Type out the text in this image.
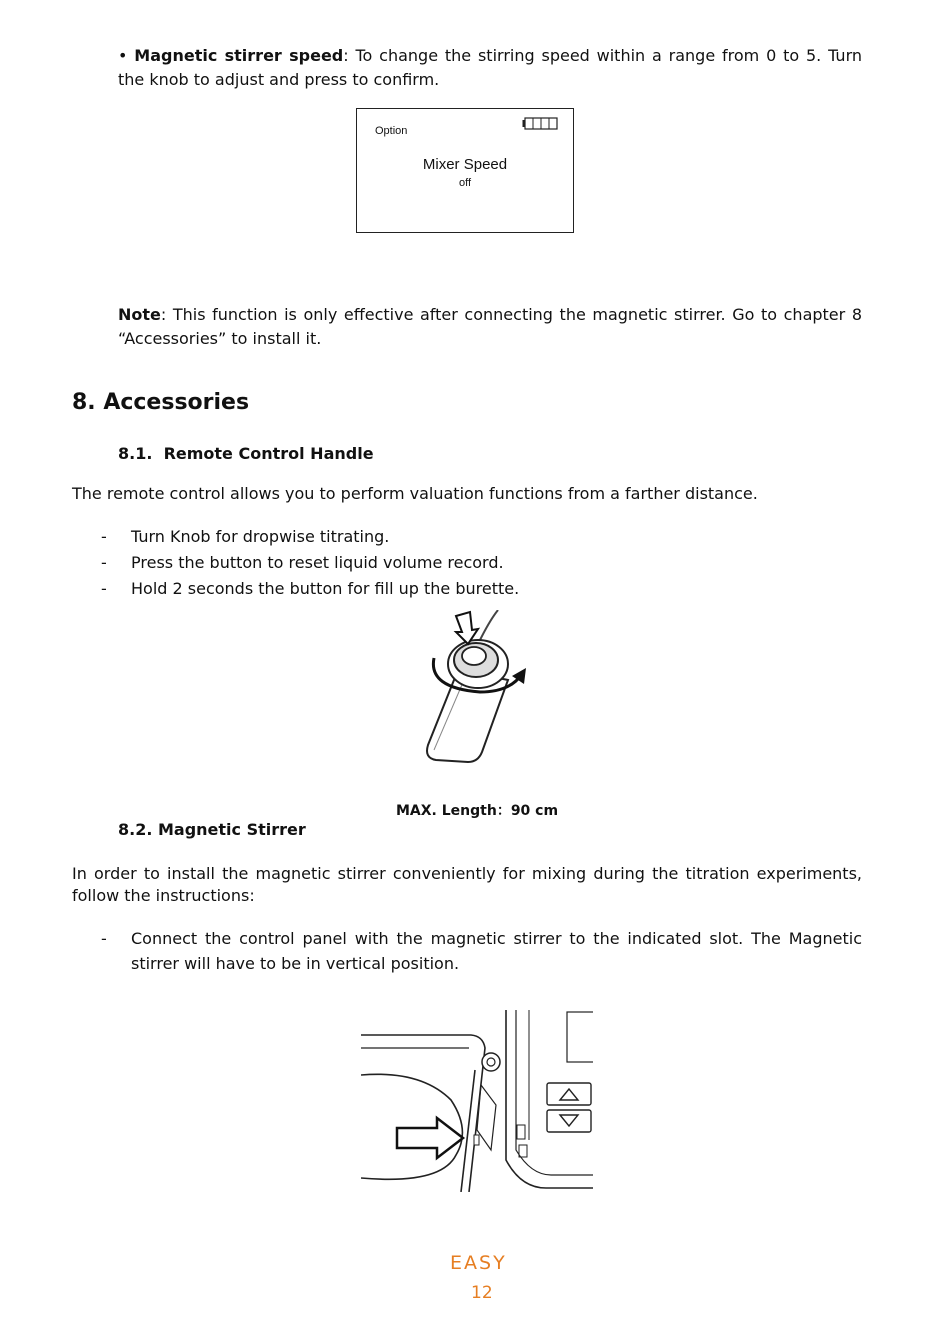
• Magnetic stirrer speed: To change the stirring speed within a range from 0 to 5. Turn the knob to adjust and press to confirm.
Option
Mixer Speed
off
Note: This function is only effective after connecting the magnetic stirrer. Go to chapter 8 “Accessories” to install it.
8. Accessories
8.1.  Remote Control Handle
The remote control allows you to perform valuation functions from a farther distance.
- Turn Knob for dropwise titrating.
- Press the button to reset liquid volume record.
- Hold 2 seconds the button for fill up the burette.
MAX. Length：90 cm
8.2. Magnetic Stirrer
In order to install the magnetic stirrer conveniently for mixing during the titration experiments, follow the instructions:
- Connect the control panel with the magnetic stirrer to the indicated slot. The Magnetic stirrer will have to be in vertical position.
EASY
12
